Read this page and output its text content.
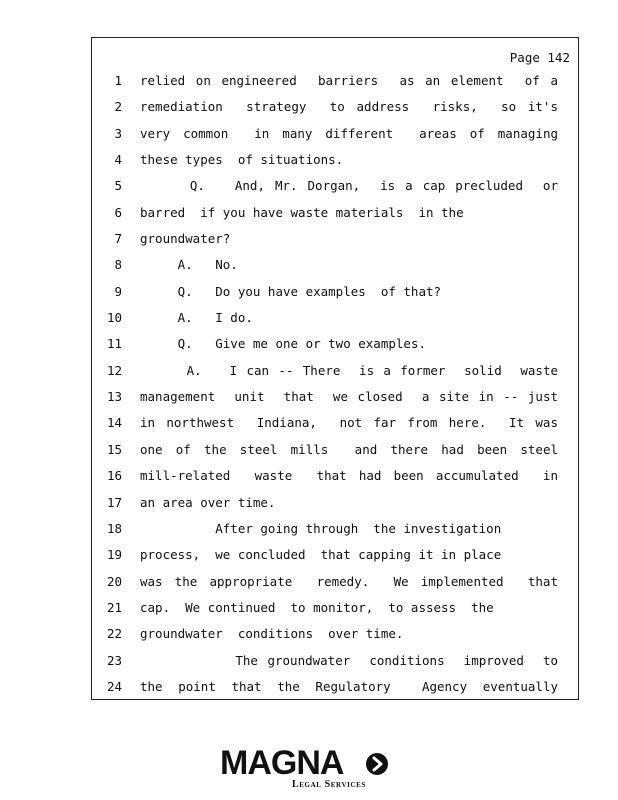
Page 142
1 relied on engineered  barriers  as an element  of a
2 remediation  strategy  to address  risks,  so it's
3 very common  in many different  areas of managing
4 these types  of situations.
5 Q.   And, Mr. Dorgan,  is a cap precluded  or
6 barred  if you have waste materials  in the
7 groundwater?
8 A.   No.
9 Q.   Do you have examples  of that?
10 A.   I do.
11 Q.   Give me one or two examples.
12 A.   I can -- There  is a former  solid  waste
13 management  unit  that  we closed  a site in -- just
14 in northwest  Indiana,  not far from here.  It was
15 one of the steel mills  and there had been steel
16 mill-related  waste  that had been accumulated  in
17 an area over time.
18 After going through  the investigation
19 process,  we concluded  that capping it in place
20 was the appropriate  remedy.  We implemented  that
21 cap.  We continued  to monitor,  to assess  the
22 groundwater  conditions  over time.
23 The groundwater  conditions  improved  to
24 the point that the Regulatory  Agency eventually
MAGNA
Legal Services
